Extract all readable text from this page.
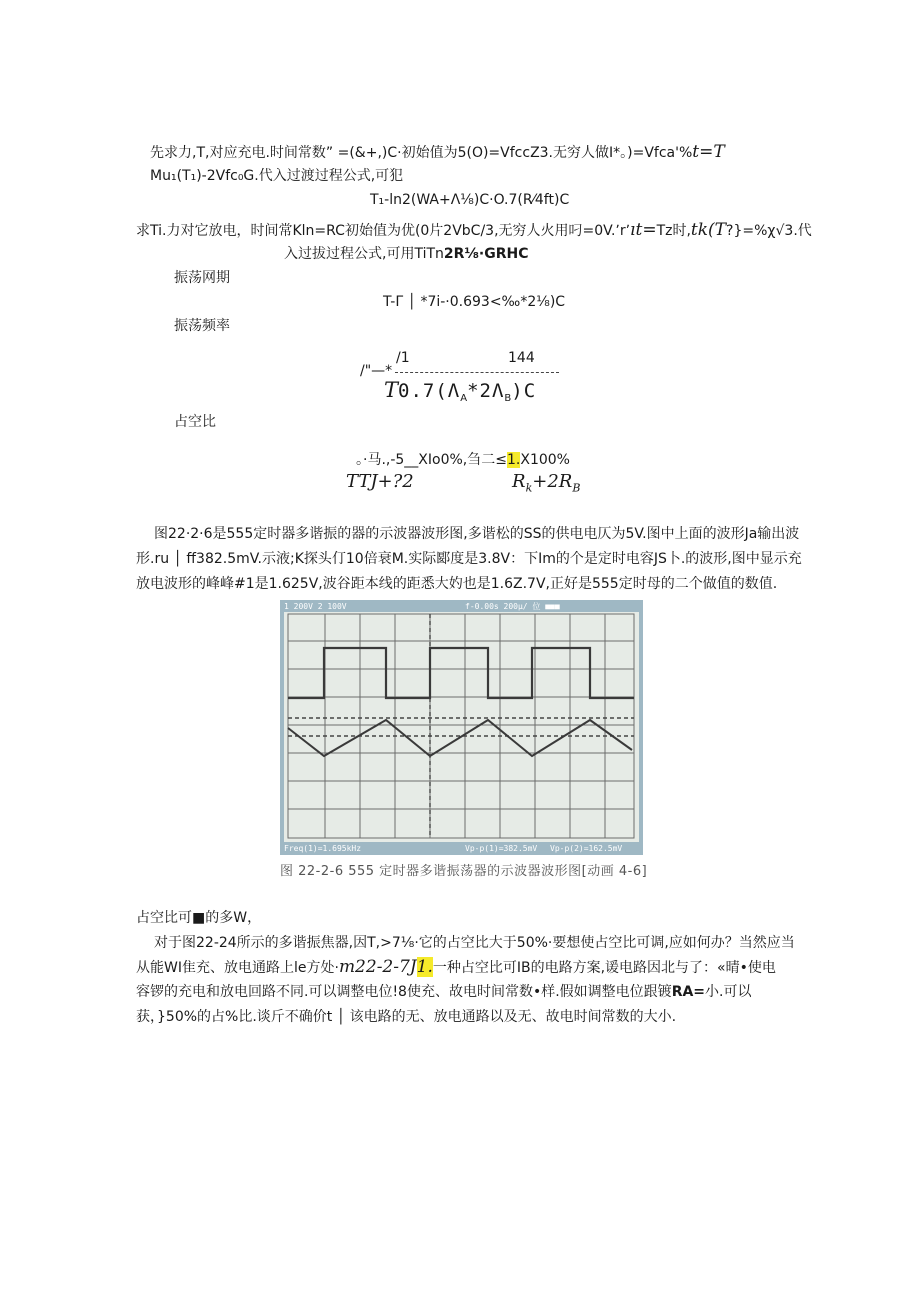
先求力,T,对应充电.时间常数” =(&+,)C·初始值为5(O)=VfccZ3.无穷人做I*。)=Vfca'%t=T
Mu₁(T₁)-2Vfc₀G.代入过渡过程公式,可犯
T₁-ln2(WA+Λ⅛)C·O.7(R⁄4ft)C
求Ti.力对它放电，时间常Kln=RC初始值为优(0片2VbC/3,无穷人火用叼=0V.ʼrʼıt=Tz时,tk(T?}=%χ√3.代
入过拔过程公式,可用TiTn2R⅛·GRHC
振荡网期
T-Γ │ *7i-·0.693<‰*2⅛)C
振荡频率
/1	144
/"—*
$T0.7(\Lambda_A*2\Lambda_B)C$
占空比
。·马.,-5__XIo0%,刍二≤1.X100%
TTJ+?2	$R_k+2R_B$
图22·2·6是555定时器多谐振的器的示波器波形图,多谐松的SS的供电电仄为5V.图中上面的波形Ja输出波
形.ru │ ff382.5mV.示液;K探头仃10倍衰M.实际郾度是3.8V：下Im的个是定时电容JS卜.的波形,图中显示充
放电波形的峰峰#1是1.625V,波谷距本线的距悉大妁也是1.6Z.7V,正好是555定时母的二个做值的数值.
1 200V 2 100V	f-0.00s 200μ/ 位 ■■■
Freq(1)=1.695kHz	Vp-p(1)=382.5mV Vp-p(2)=162.5mV
图 22-2-6 555 定时器多谐振荡器的示波器波形图[动画 4-6]
占空比可■的多W，
对于图22-24所示的多谐振焦器,因T,>7⅛·它的占空比大于50%·要想使占空比可调,应如何办？当然应当
从能WI隹充、放电通路上le方处·m22-2-7J1.一种占空比可IB的电路方案,谖电路因北与了：«晴•使电
容锣的充电和放电回路不同.可以调整电位!8使充、故电时间常数•样.假如调整电位跟镀RA=小.可以
获，}50%的占%比.谈斤不确价t │ 该电路的无、放电通路以及无、故电时间常数的大小.
